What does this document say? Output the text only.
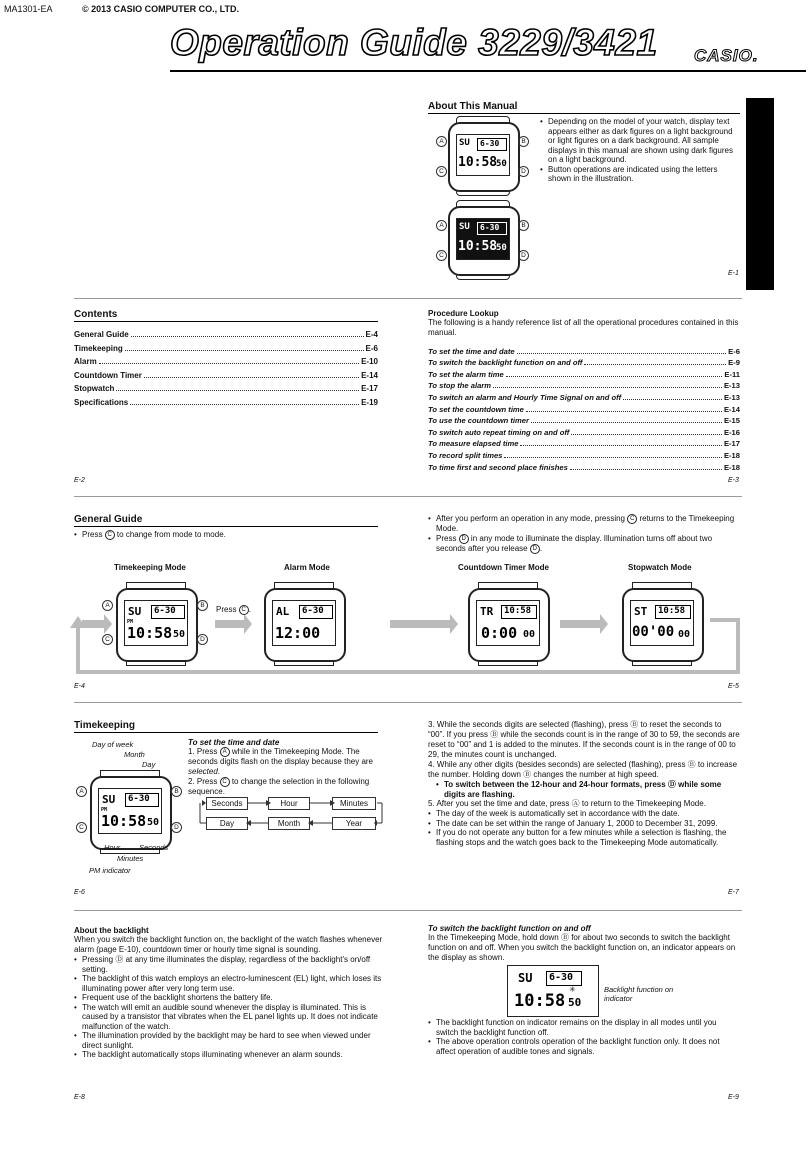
MA1301-EA	© 2013 CASIO COMPUTER CO., LTD.
Operation Guide 3229/3421 CASIO.
About This Manual
SU 6-30
10:58
50
A	B
C	D
SU 6-30
10:58
50
A	B
C	D
• Depending on the model of your watch, display text appears either as dark figures on a light background or light figures on a dark background. All sample displays in this manual are shown using dark figures on a light background.
• Button operations are indicated using the letters shown in the illustration.
E-1
Contents
General Guide	E-4
Timekeeping	E-6
Alarm	E-10
Countdown Timer	E-14
Stopwatch	E-17
Specifications	E-19
E-2
Procedure Lookup
The following is a handy reference list of all the operational procedures contained in this manual.
To set the time and date	E-6
To switch the backlight function on and off	E-9
To set the alarm time	E-11
To stop the alarm	E-13
To switch an alarm and Hourly Time Signal on and off	E-13
To set the countdown time	E-14
To use the countdown timer	E-15
To switch auto repeat timing on and off	E-16
To measure elapsed time	E-17
To record split times	E-18
To time first and second place finishes	E-18
E-3
General Guide
• Press C to change from mode to mode.
• After you perform an operation in any mode, pressing C returns to the Timekeeping Mode.
• Press D in any mode to illuminate the display. Illumination turns off about two seconds after you release D .
Timekeeping Mode	Alarm Mode	Countdown Timer Mode	Stopwatch Mode
Press C .
SU 6-30
PM
10:58 50
A	B
C	D
AL 6-30
12:00
TR 10:58
0:00 00
ST 10:58
00'00 00
E-4	E-5
Timekeeping
Day of week
Month
Day
SU 6-30
PM
10:58 50
A	B
C	D
Hour Seconds
Minutes
PM indicator
To set the time and date
1. Press A while in the Timekeeping Mode. The seconds digits flash on the display because they are selected.
2. Press C to change the selection in the following sequence.
Seconds	Hour	Minutes
Year
Month
Day
E-6
3. While the seconds digits are selected (flashing), press Ⓑ to reset the seconds to “00”. If you press Ⓑ while the seconds count is in the range of 30 to 59, the seconds are reset to “00” and 1 is added to the minutes. If the seconds count is in the range of 00 to 29, the minutes count is unchanged.
4. While any other digits (besides seconds) are selected (flashing), press Ⓑ to increase the number. Holding down Ⓑ changes the number at high speed.
• To switch between the 12-hour and 24-hour formats, press Ⓓ while some digits are flashing.
5. After you set the time and date, press Ⓐ to return to the Timekeeping Mode.
• The day of the week is automatically set in accordance with the date.
• The date can be set within the range of January 1, 2000 to December 31, 2099.
• If you do not operate any button for a few minutes while a selection is flashing, the flashing stops and the watch goes back to the Timekeeping Mode automatically.
E-7
About the backlight
When you switch the backlight function on, the backlight of the watch flashes whenever alarm (page E-10), countdown timer or hourly time signal is sounding.
• Pressing Ⓓ at any time illuminates the display, regardless of the backlight’s on/off setting.
• The backlight of this watch employs an electro-luminescent (EL) light, which loses its illuminating power after very long term use.
• Frequent use of the backlight shortens the battery life.
• The watch will emit an audible sound whenever the display is illuminated. This is caused by a transistor that vibrates when the EL panel lights up. It does not indicate malfunction of the watch.
• The illumination provided by the backlight may be hard to see when viewed under direct sunlight.
• The backlight automatically stops illuminating whenever an alarm sounds.
E-8
To switch the backlight function on and off
In the Timekeeping Mode, hold down Ⓑ for about two seconds to switch the backlight function on and off. When you switch the backlight function on, an indicator appears on the display as shown.
SU 6-30
10:58 50
✳	Backlight function on indicator
• The backlight function on indicator remains on the display in all modes until you switch the backlight function off.
• The above operation controls operation of the backlight function only. It does not affect operation of audible tones and signals.
E-9
